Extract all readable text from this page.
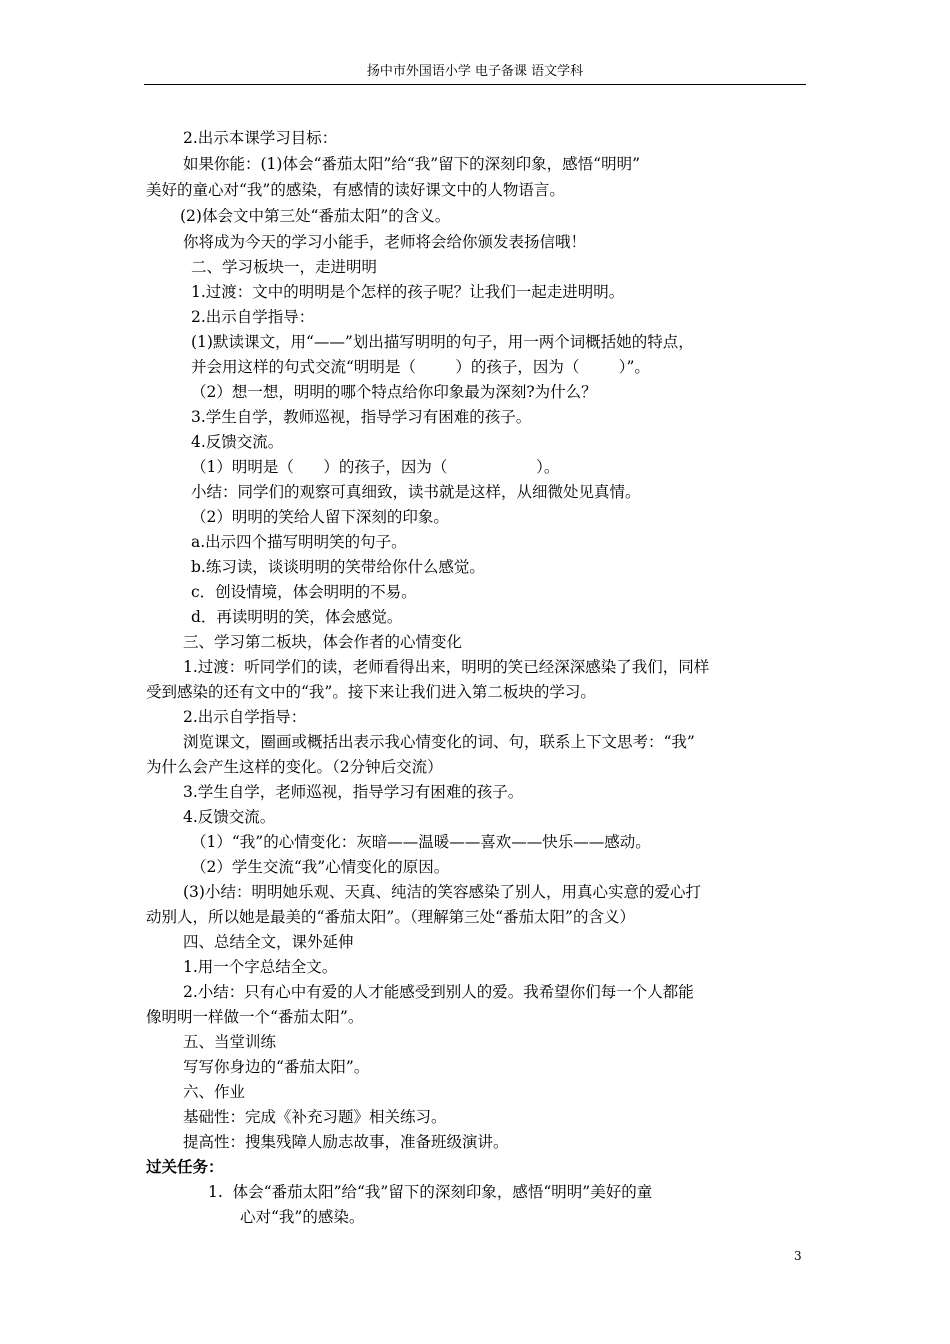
扬中市外国语小学 电子备课 语文学科
2.出示本课学习目标：
如果你能：(1)体会“番茄太阳”给“我”留下的深刻印象，感悟“明明”
美好的童心对“我”的感染，有感情的读好课文中的人物语言。
(2)体会文中第三处“番茄太阳”的含义。
你将成为今天的学习小能手，老师将会给你颁发表扬信哦！
二、学习板块一，走进明明
1.过渡：文中的明明是个怎样的孩子呢？让我们一起走进明明。
2.出示自学指导：
(1)默读课文，用“——”划出描写明明的句子，用一两个词概括她的特点，
并会用这样的句式交流“明明是（        ）的孩子，因为（        ）”。
（2）想一想，明明的哪个特点给你印象最为深刻?为什么？
3.学生自学，教师巡视，指导学习有困难的孩子。
4.反馈交流。
（1）明明是（      ）的孩子，因为（                  ）。
小结：同学们的观察可真细致，读书就是这样，从细微处见真情。
（2）明明的笑给人留下深刻的印象。
a.出示四个描写明明笑的句子。
b.练习读，谈谈明明的笑带给你什么感觉。
c．创设情境，体会明明的不易。
d．再读明明的笑，体会感觉。
三、学习第二板块，体会作者的心情变化
1.过渡：听同学们的读，老师看得出来，明明的笑已经深深感染了我们，同样
受到感染的还有文中的“我”。接下来让我们进入第二板块的学习。
2.出示自学指导：
浏览课文，圈画或概括出表示我心情变化的词、句，联系上下文思考：“我”
为什么会产生这样的变化。（2分钟后交流）
3.学生自学，老师巡视，指导学习有困难的孩子。
4.反馈交流。
（1）“我”的心情变化：灰暗——温暖——喜欢——快乐——感动。
（2）学生交流“我”心情变化的原因。
(3)小结：明明她乐观、天真、纯洁的笑容感染了别人，用真心实意的爱心打
动别人，所以她是最美的“番茄太阳”。（理解第三处“番茄太阳”的含义）
四、总结全文，课外延伸
1.用一个字总结全文。
2.小结：只有心中有爱的人才能感受到别人的爱。我希望你们每一个人都能
像明明一样做一个“番茄太阳”。
五、当堂训练
写写你身边的“番茄太阳”。
六、作业
基础性：完成《补充习题》相关练习。
提高性：搜集残障人励志故事，准备班级演讲。
过关任务：
1.  体会“番茄太阳”给“我”留下的深刻印象，感悟“明明”美好的童
心对“我”的感染。
3
